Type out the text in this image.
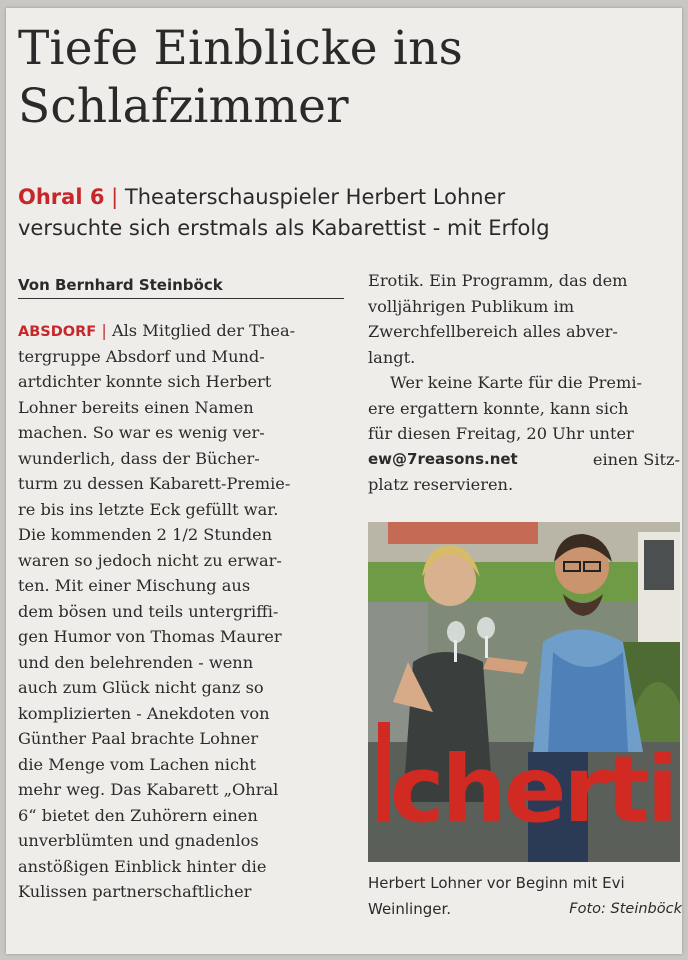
Tiefe Einblicke ins
Schlafzimmer
Ohral 6 | Theaterschauspieler Herbert Lohner
versuchte sich erstmals als Kabarettist - mit Erfolg
Von Bernhard Steinböck
ABSDORF | Als Mitglied der Thea-
tergruppe Absdorf und Mund-
artdichter konnte sich Herbert
Lohner bereits einen Namen
machen. So war es wenig ver-
wunderlich, dass der Bücher-
turm zu dessen Kabarett-Premie-
re bis ins letzte Eck gefüllt war.
Die kommenden 2 1/2 Stunden
waren so jedoch nicht zu erwar-
ten. Mit einer Mischung aus
dem bösen und teils untergriffi-
gen Humor von Thomas Maurer
und den belehrenden - wenn
auch zum Glück nicht ganz so
komplizierten - Anekdoten von
Günther Paal brachte Lohner
die Menge vom Lachen nicht
mehr weg. Das Kabarett „Ohral
6“ bietet den Zuhörern einen
unverblümten und gnadenlos
anstößigen Einblick hinter die
Kulissen partnerschaftlicher
Erotik. Ein Programm, das dem
volljährigen Publikum im
Zwerchfellbereich alles abver-
langt.
Wer keine Karte für die Premi-
ere ergattern konnte, kann sich
für diesen Freitag, 20 Uhr unter
ew@7reasons.net	einen Sitz-
platz reservieren.
cherti
Herbert Lohner vor Beginn mit Evi Weinlinger.	Foto: Steinböck
